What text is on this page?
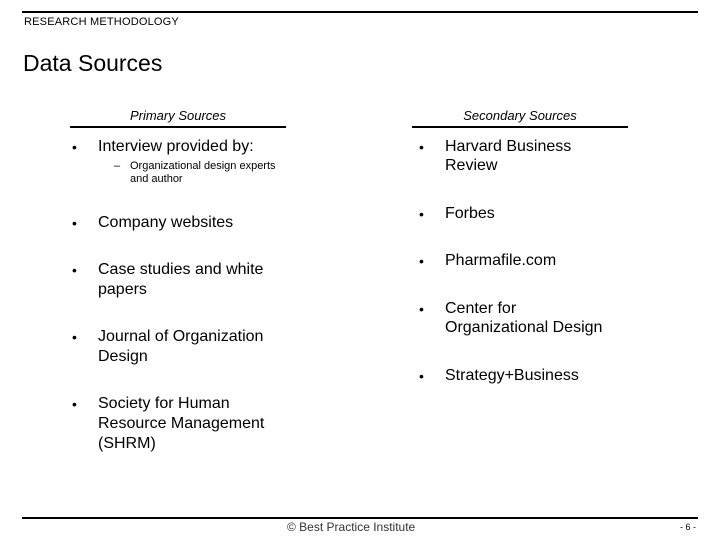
RESEARCH METHODOLOGY
Data Sources
Primary Sources	Secondary Sources
• Interview provided by:
– Organizational design experts
and author
• Company websites
• Case studies and white
papers
• Journal of Organization
Design
• Society for Human
Resource Management
(SHRM)
• Harvard Business
Review
• Forbes
• Pharmafile.com
• Center for
Organizational Design
• Strategy+Business
© Best Practice Institute	- 6 -
